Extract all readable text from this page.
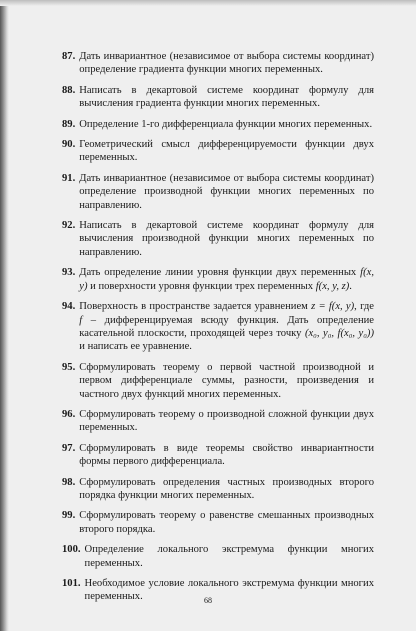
87. Дать инвариантное (независимое от выбора системы координат) определение градиента функции многих переменных.
88. Написать в декартовой системе координат формулу для вычисления градиента функции многих переменных.
89. Определение 1-го дифференциала функции многих переменных.
90. Геометрический смысл дифференцируемости функции двух переменных.
91. Дать инвариантное (независимое от выбора системы координат) определение производной функции многих переменных по направлению.
92. Написать в декартовой системе координат формулу для вычисления производной функции многих переменных по направлению.
93. Дать определение линии уровня функции двух переменных f(x, y) и поверхности уровня функции трех переменных f(x, y, z).
94. Поверхность в пространстве задается уравнением z = f(x, y), где f – дифференцируемая всюду функция. Дать определение касательной плоскости, проходящей через точку (x₀, y₀, f(x₀, y₀)) и написать ее уравнение.
95. Сформулировать теорему о первой частной производной и первом дифференциале суммы, разности, произведения и частного двух функций многих переменных.
96. Сформулировать теорему о производной сложной функции двух переменных.
97. Сформулировать в виде теоремы свойство инвариантности формы первого дифференциала.
98. Сформулировать определения частных производных второго порядка функции многих переменных.
99. Сформулировать теорему о равенстве смешанных производных второго порядка.
100. Определение локального экстремума функции многих переменных.
101. Необходимое условие локального экстремума функции многих переменных.	68
